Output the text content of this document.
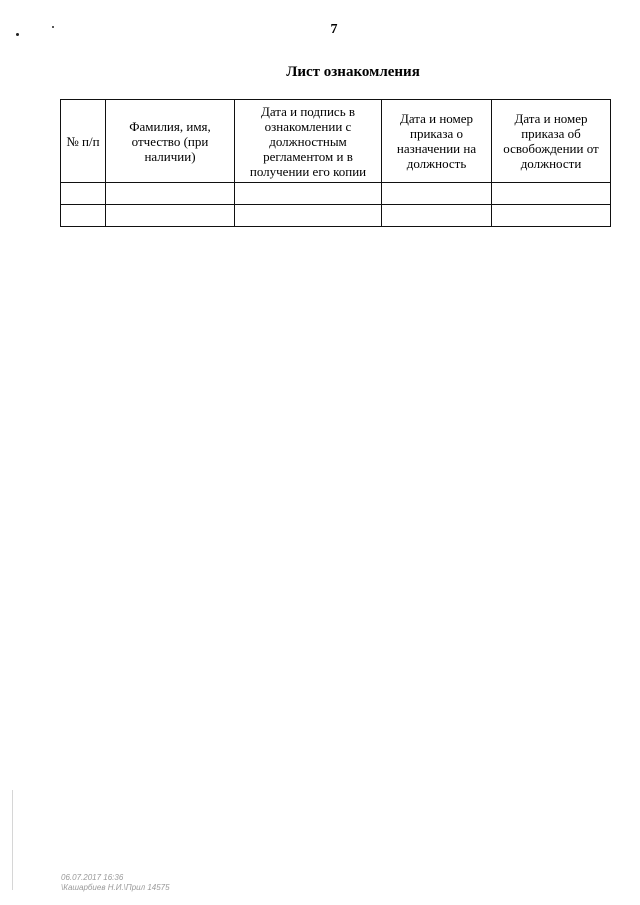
7
Лист ознакомления
№ п/п	Фамилия, имя, отчество (при наличии)	Дата и подпись в ознакомлении с должностным регламентом и в получении его копии	Дата и номер приказа о назначении на должность	Дата и номер приказа об освобождении от должности

06.07.2017 16:36
\Кашарбиев Н.И.\Прил 14575
